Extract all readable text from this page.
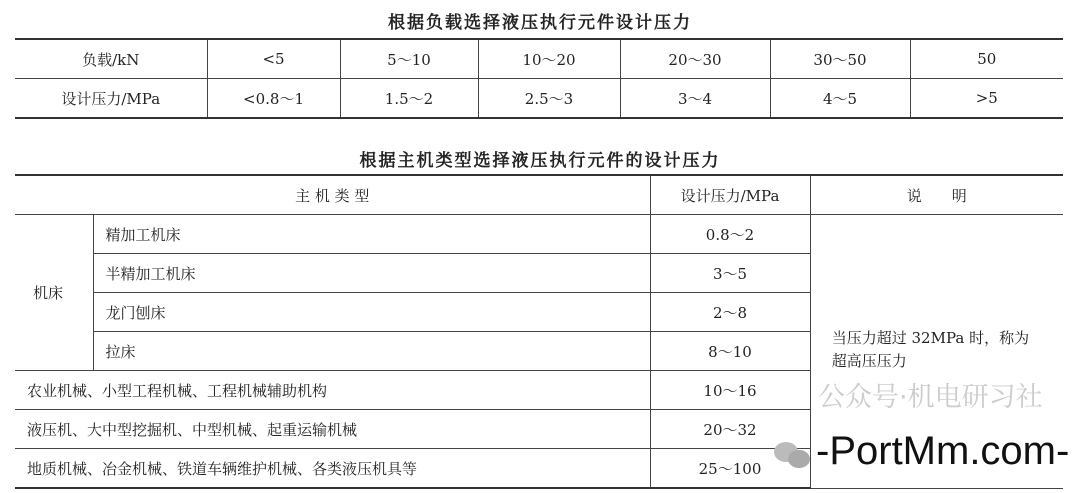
根据负载选择液压执行元件设计压力
负载/kN	<5	5～10	10～20	20～30	30～50	50
设计压力/MPa	<0.8～1	1.5～2	2.5～3	3～4	4～5	>5
根据主机类型选择液压执行元件的设计压力
主 机 类 型		设计压力/MPa	说　　明
机床	精加工机床	0.8～2	当压力超过 32MPa 时，称为超高压压力

	半精加工机床	3～5	
	龙门刨床	2～8	
	拉床	8～10	
农业机械、小型工程机械、工程机械辅助机构		10～16	
液压机、大中型挖掘机、中型机械、起重运输机械		20～32	
地质机械、冶金机械、铁道车辆维护机械、各类液压机具等		25～100	
公众号·机电研习社
-PortMm.com-
